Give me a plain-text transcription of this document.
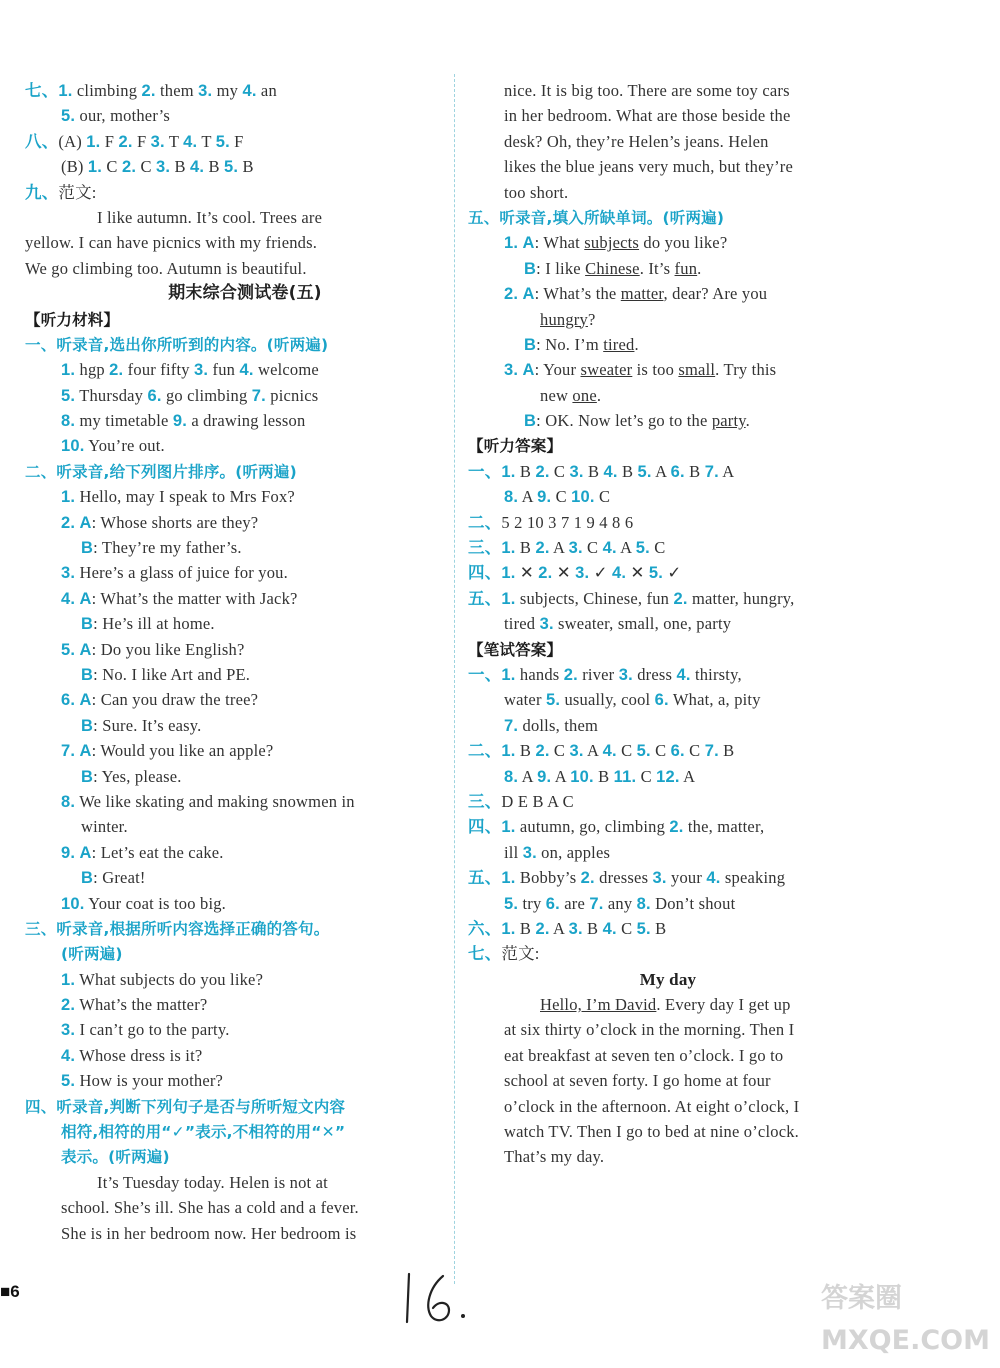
七、1. climbing 2. them 3. my 4. an
5. our, mother’s
八、(A) 1. F 2. F 3. T 4. T 5. F
(B) 1. C 2. C 3. B 4. B 5. B
九、范文:
I like autumn. It’s cool. Trees are
yellow. I can have picnics with my friends.
We go climbing too. Autumn is beautiful.
期末综合测试卷(五)
【听力材料】
一、听录音,选出你所听到的内容。(听两遍)
1. hgp 2. four fifty 3. fun 4. welcome
5. Thursday 6. go climbing 7. picnics
8. my timetable 9. a drawing lesson
10. You’re out.
二、听录音,给下列图片排序。(听两遍)
1. Hello, may I speak to Mrs Fox?
2. A: Whose shorts are they?
B: They’re my father’s.
3. Here’s a glass of juice for you.
4. A: What’s the matter with Jack?
B: He’s ill at home.
5. A: Do you like English?
B: No. I like Art and PE.
6. A: Can you draw the tree?
B: Sure. It’s easy.
7. A: Would you like an apple?
B: Yes, please.
8. We like skating and making snowmen in
winter.
9. A: Let’s eat the cake.
B: Great!
10. Your coat is too big.
三、听录音,根据所听内容选择正确的答句。
(听两遍)
1. What subjects do you like?
2. What’s the matter?
3. I can’t go to the party.
4. Whose dress is it?
5. How is your mother?
四、听录音,判断下列句子是否与所听短文内容
相符,相符的用“✓”表示,不相符的用“✕”
表示。(听两遍)
It’s Tuesday today. Helen is not at
school. She’s ill. She has a cold and a fever.
She is in her bedroom now. Her bedroom is
nice. It is big too. There are some toy cars
in her bedroom. What are those beside the
desk? Oh, they’re Helen’s jeans. Helen
likes the blue jeans very much, but they’re
too short.
五、听录音,填入所缺单词。(听两遍)
1. A: What subjects do you like?
B: I like Chinese. It’s fun.
2. A: What’s the matter, dear? Are you
hungry?
B: No. I’m tired.
3. A: Your sweater is too small. Try this
new one.
B: OK. Now let’s go to the party.
【听力答案】
一、1. B 2. C 3. B 4. B 5. A 6. B 7. A
8. A 9. C 10. C
二、5 2 10 3 7 1 9 4 8 6
三、1. B 2. A 3. C 4. A 5. C
四、1. ✕ 2. ✕ 3. ✓ 4. ✕ 5. ✓
五、1. subjects, Chinese, fun 2. matter, hungry,
tired 3. sweater, small, one, party
【笔试答案】
一、1. hands 2. river 3. dress 4. thirsty,
water 5. usually, cool 6. What, a, pity
7. dolls, them
二、1. B 2. C 3. A 4. C 5. C 6. C 7. B
8. A 9. A 10. B 11. C 12. A
三、D E B A C
四、1. autumn, go, climbing 2. the, matter,
ill 3. on, apples
五、1. Bobby’s 2. dresses 3. your 4. speaking
5. try 6. are 7. any 8. Don’t shout
六、1. B 2. A 3. B 4. C 5. B
七、范文:
My day
Hello, I’m David. Every day I get up
at six thirty o’clock in the morning. Then I
eat breakfast at seven ten o’clock. I go to
school at seven forty. I go home at four
o’clock in the afternoon. At eight o’clock, I
watch TV. Then I go to bed at nine o’clock.
That’s my day.
■6	答案圈
MXQE.COM
